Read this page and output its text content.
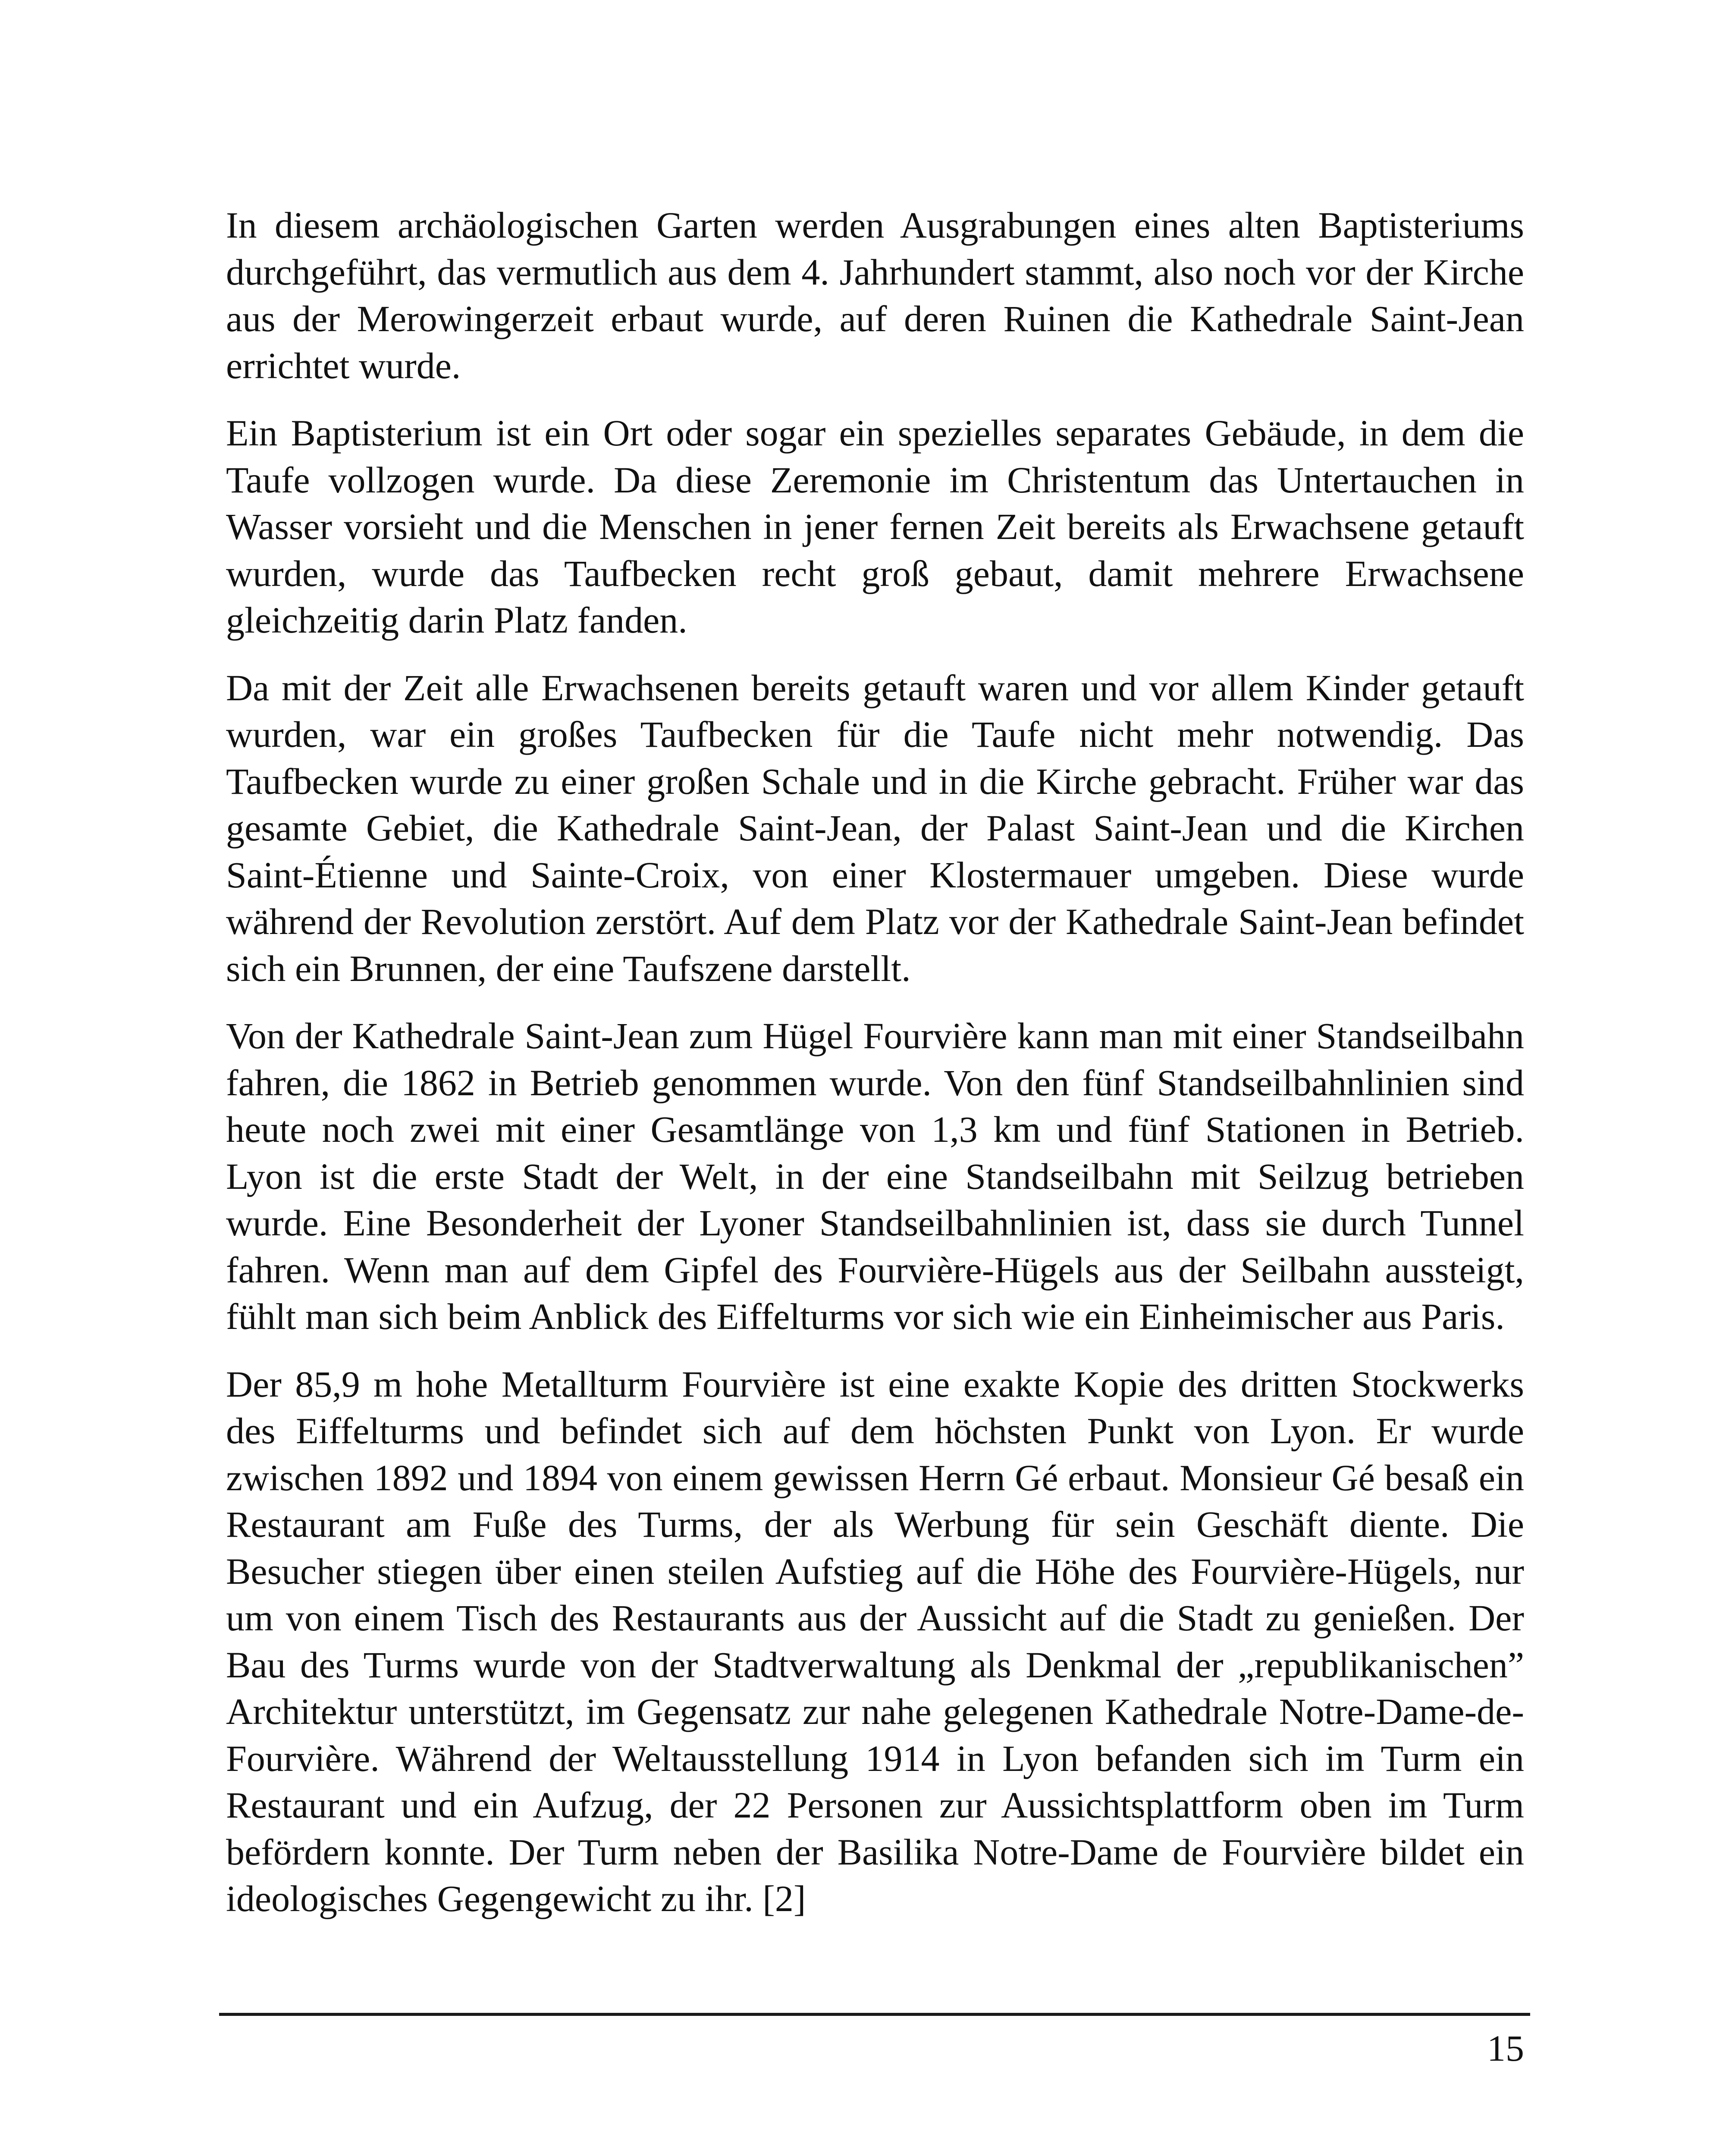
In diesem archäologischen Garten werden Ausgrabungen eines alten Baptisteriums durchgeführt, das vermutlich aus dem 4. Jahrhundert stammt, also noch vor der Kirche aus der Merowingerzeit erbaut wurde, auf deren Ruinen die Kathedrale Saint-Jean errichtet wurde.

Ein Baptisterium ist ein Ort oder sogar ein spezielles separates Gebäude, in dem die Taufe vollzogen wurde. Da diese Zeremonie im Christentum das Untertauchen in Wasser vorsieht und die Menschen in jener fernen Zeit bereits als Erwachsene getauft wurden, wurde das Taufbecken recht groß gebaut, damit mehrere Erwachsene gleichzeitig darin Platz fanden.

Da mit der Zeit alle Erwachsenen bereits getauft waren und vor allem Kinder getauft wurden, war ein großes Taufbecken für die Taufe nicht mehr notwendig. Das Taufbecken wurde zu einer großen Schale und in die Kirche gebracht. Früher war das gesamte Gebiet, die Kathedrale Saint-Jean, der Palast Saint-Jean und die Kirchen Saint-Étienne und Sainte-Croix, von einer Klostermauer umgeben. Diese wurde während der Revolution zerstört. Auf dem Platz vor der Kathedrale Saint-Jean befindet sich ein Brunnen, der eine Taufszene darstellt.

Von der Kathedrale Saint-Jean zum Hügel Fourvière kann man mit einer Standseilbahn fahren, die 1862 in Betrieb genommen wurde. Von den fünf Standseilbahnlinien sind heute noch zwei mit einer Gesamtlänge von 1,3 km und fünf Stationen in Betrieb. Lyon ist die erste Stadt der Welt, in der eine Standseilbahn mit Seilzug betrieben wurde. Eine Besonderheit der Lyoner Standseilbahnlinien ist, dass sie durch Tunnel fahren. Wenn man auf dem Gipfel des Fourvière-Hügels aus der Seilbahn aussteigt, fühlt man sich beim Anblick des Eiffelturms vor sich wie ein Einheimischer aus Paris.

Der 85,9 m hohe Metallturm Fourvière ist eine exakte Kopie des dritten Stockwerks des Eiffelturms und befindet sich auf dem höchsten Punkt von Lyon. Er wurde zwischen 1892 und 1894 von einem gewissen Herrn Gé erbaut. Monsieur Gé besaß ein Restaurant am Fuße des Turms, der als Werbung für sein Geschäft diente. Die Besucher stiegen über einen steilen Aufstieg auf die Höhe des Fourvière-Hügels, nur um von einem Tisch des Restaurants aus der Aussicht auf die Stadt zu genießen. Der Bau des Turms wurde von der Stadtverwaltung als Denkmal der „republikanischen” Architektur unterstützt, im Gegensatz zur nahe gelegenen Kathedrale Notre-Dame-de-Fourvière. Während der Weltausstellung 1914 in Lyon befanden sich im Turm ein Restaurant und ein Aufzug, der 22 Personen zur Aussichtsplattform oben im Turm befördern konnte. Der Turm neben der Basilika Notre-Dame de Fourvière bildet ein ideologisches Gegengewicht zu ihr. [2]

15
